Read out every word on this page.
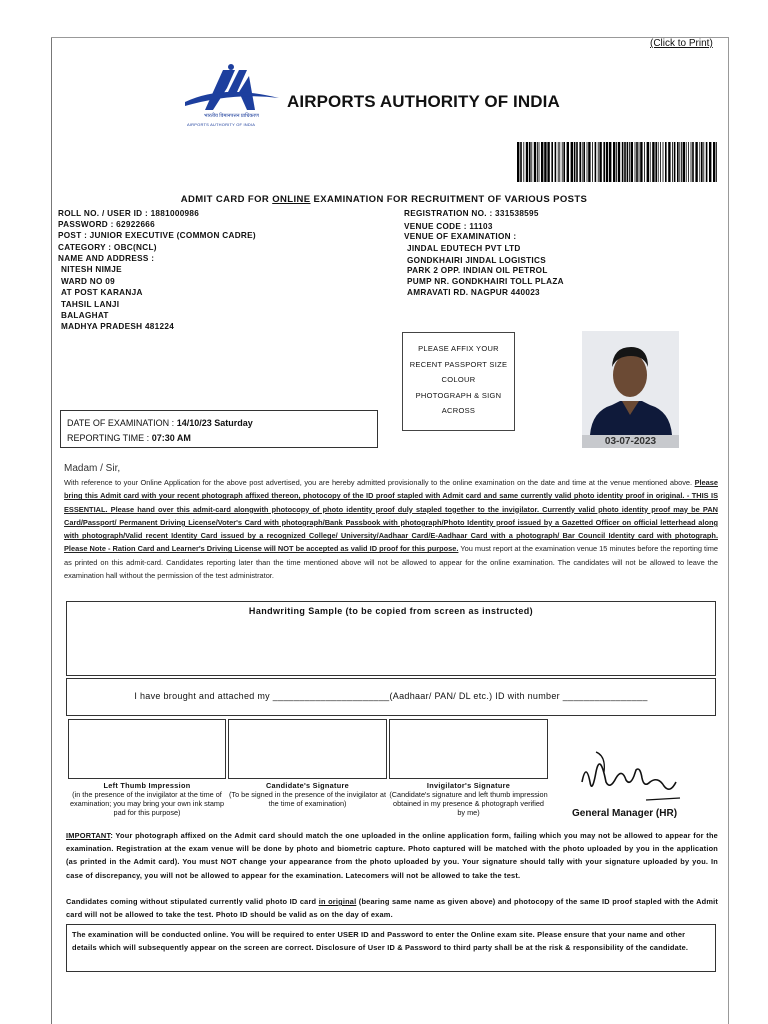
(Click to Print)
AIRPORTS AUTHORITY OF INDIA
भारतीय विमानपत्तन प्राधिकरण
AIRPORTS AUTHORITY OF INDIA
ADMIT CARD FOR ONLINE EXAMINATION FOR RECRUITMENT OF VARIOUS POSTS
ROLL NO. / USER ID : 1881000986
PASSWORD : 62922666
POST : JUNIOR EXECUTIVE (COMMON CADRE)
CATEGORY : OBC(NCL)
NAME AND ADDRESS :
NITESH NIMJE
WARD NO 09
AT POST KARANJA
TAHSIL LANJI
BALAGHAT
MADHYA PRADESH 481224
REGISTRATION NO. : 331538595
VENUE CODE : 11103
VENUE OF EXAMINATION :
JINDAL EDUTECH PVT LTD
GONDKHAIRI JINDAL LOGISTICS
PARK 2 OPP. INDIAN OIL PETROL
PUMP NR. GONDKHAIRI TOLL PLAZA
AMRAVATI RD. NAGPUR 440023
PLEASE AFFIX YOUR
RECENT PASSPORT SIZE
COLOUR
PHOTOGRAPH & SIGN
ACROSS
03-07-2023
DATE OF EXAMINATION : 14/10/23 Saturday
REPORTING TIME : 07:30 AM
Madam / Sir,
With reference to your Online Application for the above post advertised, you are hereby admitted provisionally to the online examination on the date and time at the venue mentioned above. Please bring this Admit card with your recent photograph affixed thereon, photocopy of the ID proof stapled with Admit card and same currently valid photo identity proof in original. - THIS IS ESSENTIAL. Please hand over this admit-card alongwith photocopy of photo identity proof duly stapled together to the invigilator. Currently valid photo identity proof may be PAN Card/Passport/ Permanent Driving License/Voter's Card with photograph/Bank Passbook with photograph/Photo Identity proof issued by a Gazetted Officer on official letterhead along with photograph/Valid recent Identity Card issued by a recognized College/ University/Aadhaar Card/E-Aadhaar Card with a photograph/ Bar Council Identity card with photograph. Please Note - Ration Card and Learner's Driving License will NOT be accepted as valid ID proof for this purpose. You must report at the examination venue 15 minutes before the reporting time as printed on this admit-card. Candidates reporting later than the time mentioned above will not be allowed to appear for the online examination. The candidates will not be allowed to leave the examination hall without the permission of the test administrator.
Handwriting Sample (to be copied from screen as instructed)
I have brought and attached my ______________________(Aadhaar/ PAN/ DL etc.) ID with number ________________
Left Thumb Impression
(in the presence of the invigilator at the time of examination; you may bring your own ink stamp pad for this purpose)
Candidate's Signature
(To be signed in the presence of the invigilator at the time of examination)
Invigilator's Signature
(Candidate's signature and left thumb impression obtained in my presence & photograph verified by me)	General Manager (HR)
IMPORTANT: Your photograph affixed on the Admit card should match the one uploaded in the online application form, failing which you may not be allowed to appear for the examination. Registration at the exam venue will be done by photo and biometric capture. Photo captured will be matched with the photo uploaded by you in the application (as printed in the Admit card). You must NOT change your appearance from the photo uploaded by you. Your signature should tally with your signature uploaded by you. In case of discrepancy, you will not be allowed to appear for the examination. Latecomers will not be allowed to take the test.
Candidates coming without stipulated currently valid photo ID card in original (bearing same name as given above) and photocopy of the same ID proof stapled with the Admit card will not be allowed to take the test. Photo ID should be valid as on the day of exam.
The examination will be conducted online. You will be required to enter USER ID and Password to enter the Online exam site. Please ensure that your name and other details which will subsequently appear on the screen are correct. Disclosure of User ID & Password to third party shall be at the risk & responsibility of the candidate.
